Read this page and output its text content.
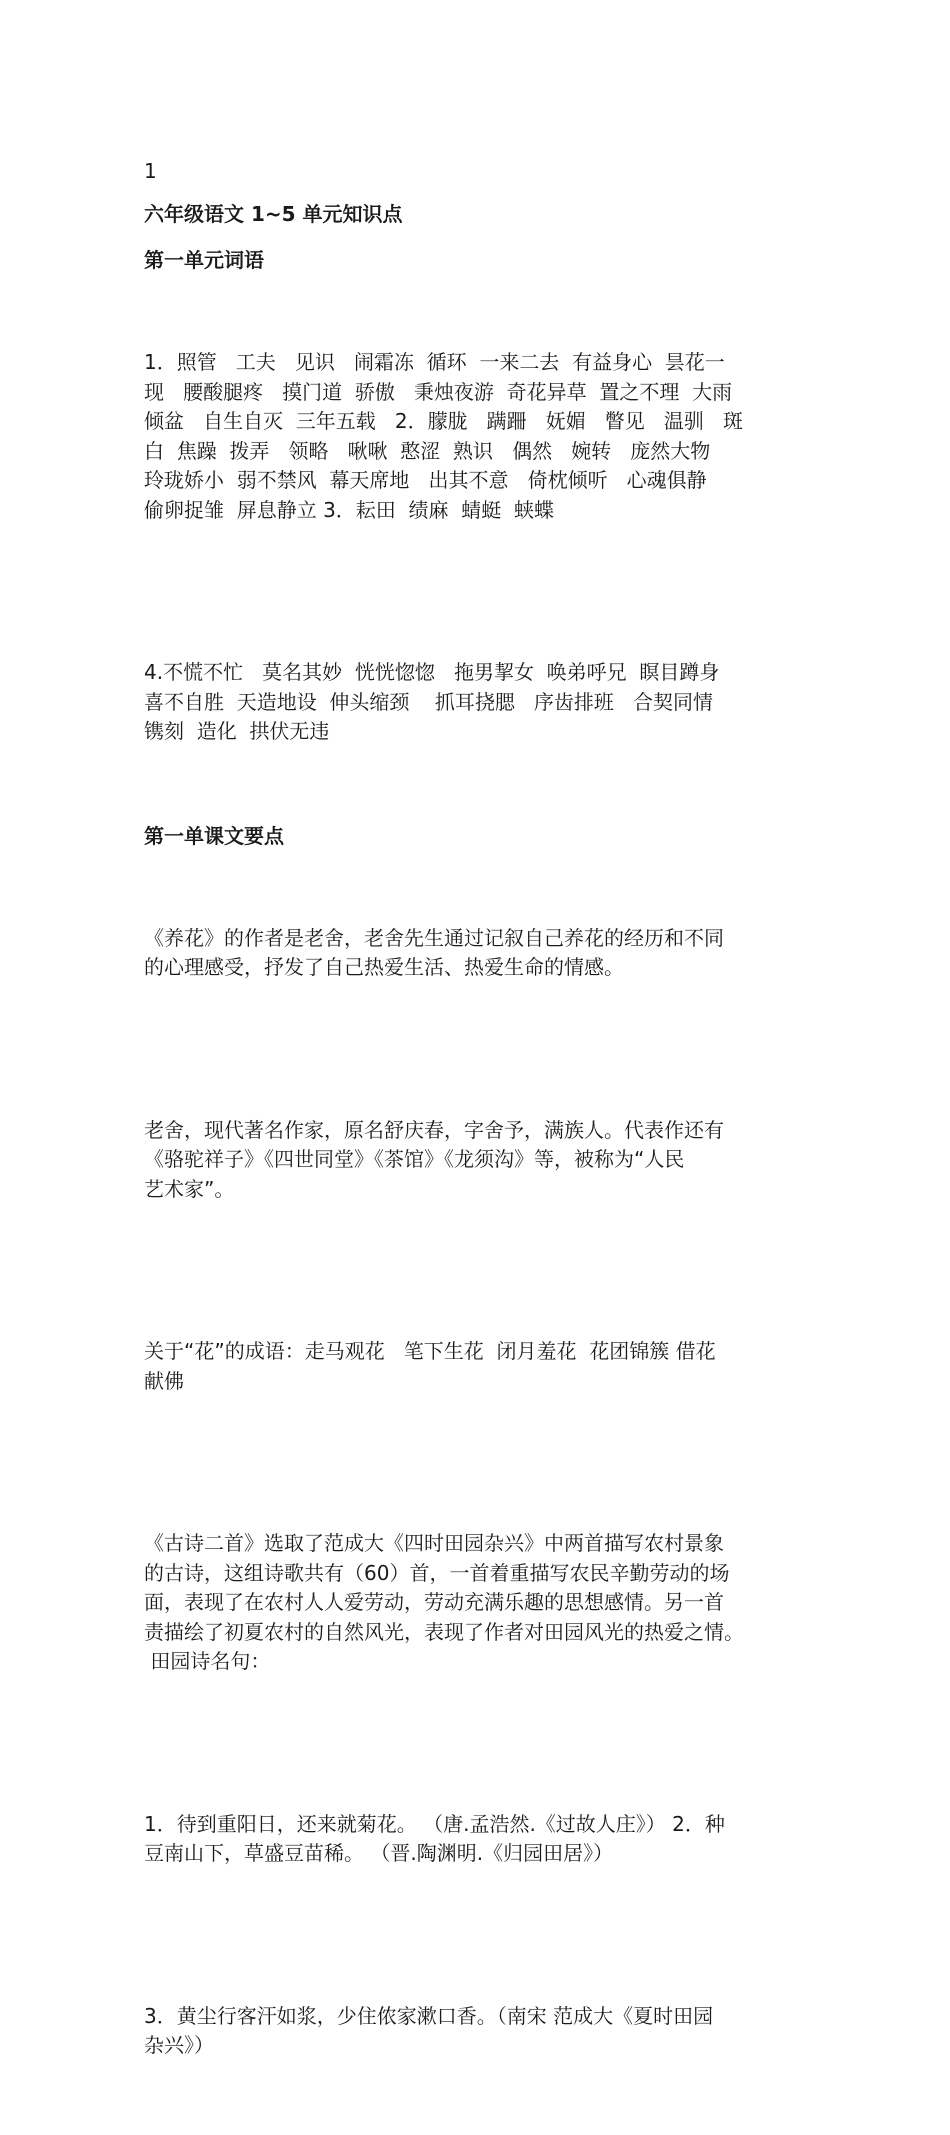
1
六年级语文 1~5 单元知识点
第一单元词语

1．照管   工夫   见识   闹霜冻  循环  一来二去  有益身心  昙花一
现   腰酸腿疼   摸门道  骄傲   秉烛夜游  奇花异草  置之不理  大雨
倾盆   自生自灭  三年五载   2．朦胧   蹒跚   妩媚   瞥见   温驯   斑
白  焦躁  拨弄   领略   啾啾  憨涩  熟识   偶然   婉转   庞然大物
玲珑娇小  弱不禁风  幕天席地   出其不意   倚枕倾听   心魂俱静
偷卵捉雏  屏息静立 3．耘田  绩麻  蜻蜓  蛱蝶

4.不慌不忙   莫名其妙  恍恍惚惚   拖男挈女  唤弟呼兄  瞑目蹲身
喜不自胜  天造地设  伸头缩颈    抓耳挠腮   序齿排班   合契同情
镌刻  造化  拱伏无违

第一单课文要点

《养花》的作者是老舍，老舍先生通过记叙自己养花的经历和不同
的心理感受，抒发了自己热爱生活、热爱生命的情感。

老舍，现代著名作家，原名舒庆春，字舍予，满族人。代表作还有
《骆驼祥子》《四世同堂》《茶馆》《龙须沟》等，被称为“人民
艺术家”。

关于“花”的成语：走马观花   笔下生花  闭月羞花  花团锦簇 借花
献佛

《古诗二首》选取了范成大《四时田园杂兴》中两首描写农村景象
的古诗，这组诗歌共有（60）首，一首着重描写农民辛勤劳动的场
面，表现了在农村人人爱劳动，劳动充满乐趣的思想感情。另一首
责描绘了初夏农村的自然风光，表现了作者对田园风光的热爱之情。
田园诗名句：

1．待到重阳日，还来就菊花。 （唐.孟浩然.《过故人庄》） 2．种
豆南山下，草盛豆苗稀。 （晋.陶渊明.《归园田居》）

3．黄尘行客汗如浆，少住侬家漱口香。（南宋 范成大《夏时田园
杂兴》）
